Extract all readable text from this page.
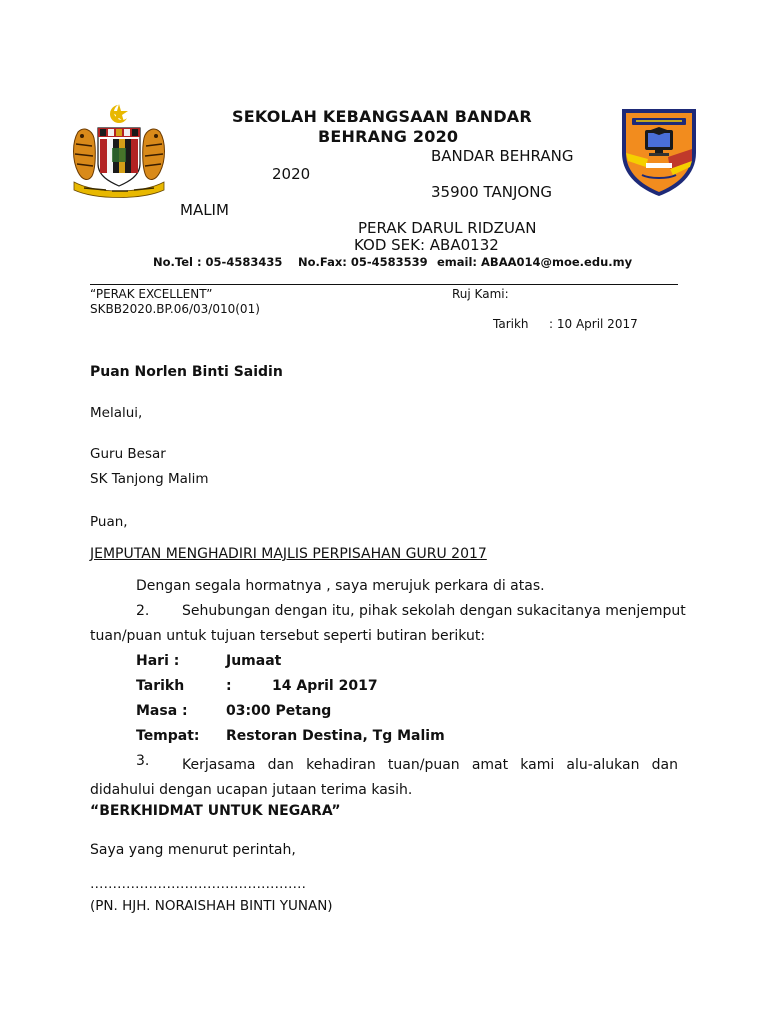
SEKOLAH KEBANGSAAN BANDAR
BEHRANG 2020
BANDAR BEHRANG
2020
35900 TANJONG
MALIM
PERAK DARUL RIDZUAN
KOD SEK: ABA0132
No.Tel : 05-4583435 No.Fax: 05-4583539 email: ABAA014@moe.edu.my
“PERAK EXCELLENT”	Ruj Kami:
SKBB2020.BP.06/03/010(01)
Tarikh : 10 April 2017
Puan Norlen Binti Saidin
Melalui,
Guru Besar
SK Tanjong Malim
Puan,
JEMPUTAN MENGHADIRI MAJLIS PERPISAHAN GURU 2017
Dengan segala hormatnya , saya merujuk perkara di atas.
2. Sehubungan dengan itu, pihak sekolah dengan sukacitanya menjemput
tuan/puan untuk tujuan tersebut seperti butiran berikut:
Hari :	Jumaat
Tarikh	:	14 April 2017
Masa :	03:00 Petang
Tempat: Restoran Destina, Tg Malim
3.	Kerjasama dan kehadiran tuan/puan amat kami alu-alukan dan didahului dengan ucapan jutaan terima kasih.
“BERKHIDMAT UNTUK NEGARA”
Saya yang menurut perintah,
…………………………………………
(PN. HJH. NORAISHAH BINTI YUNAN)
